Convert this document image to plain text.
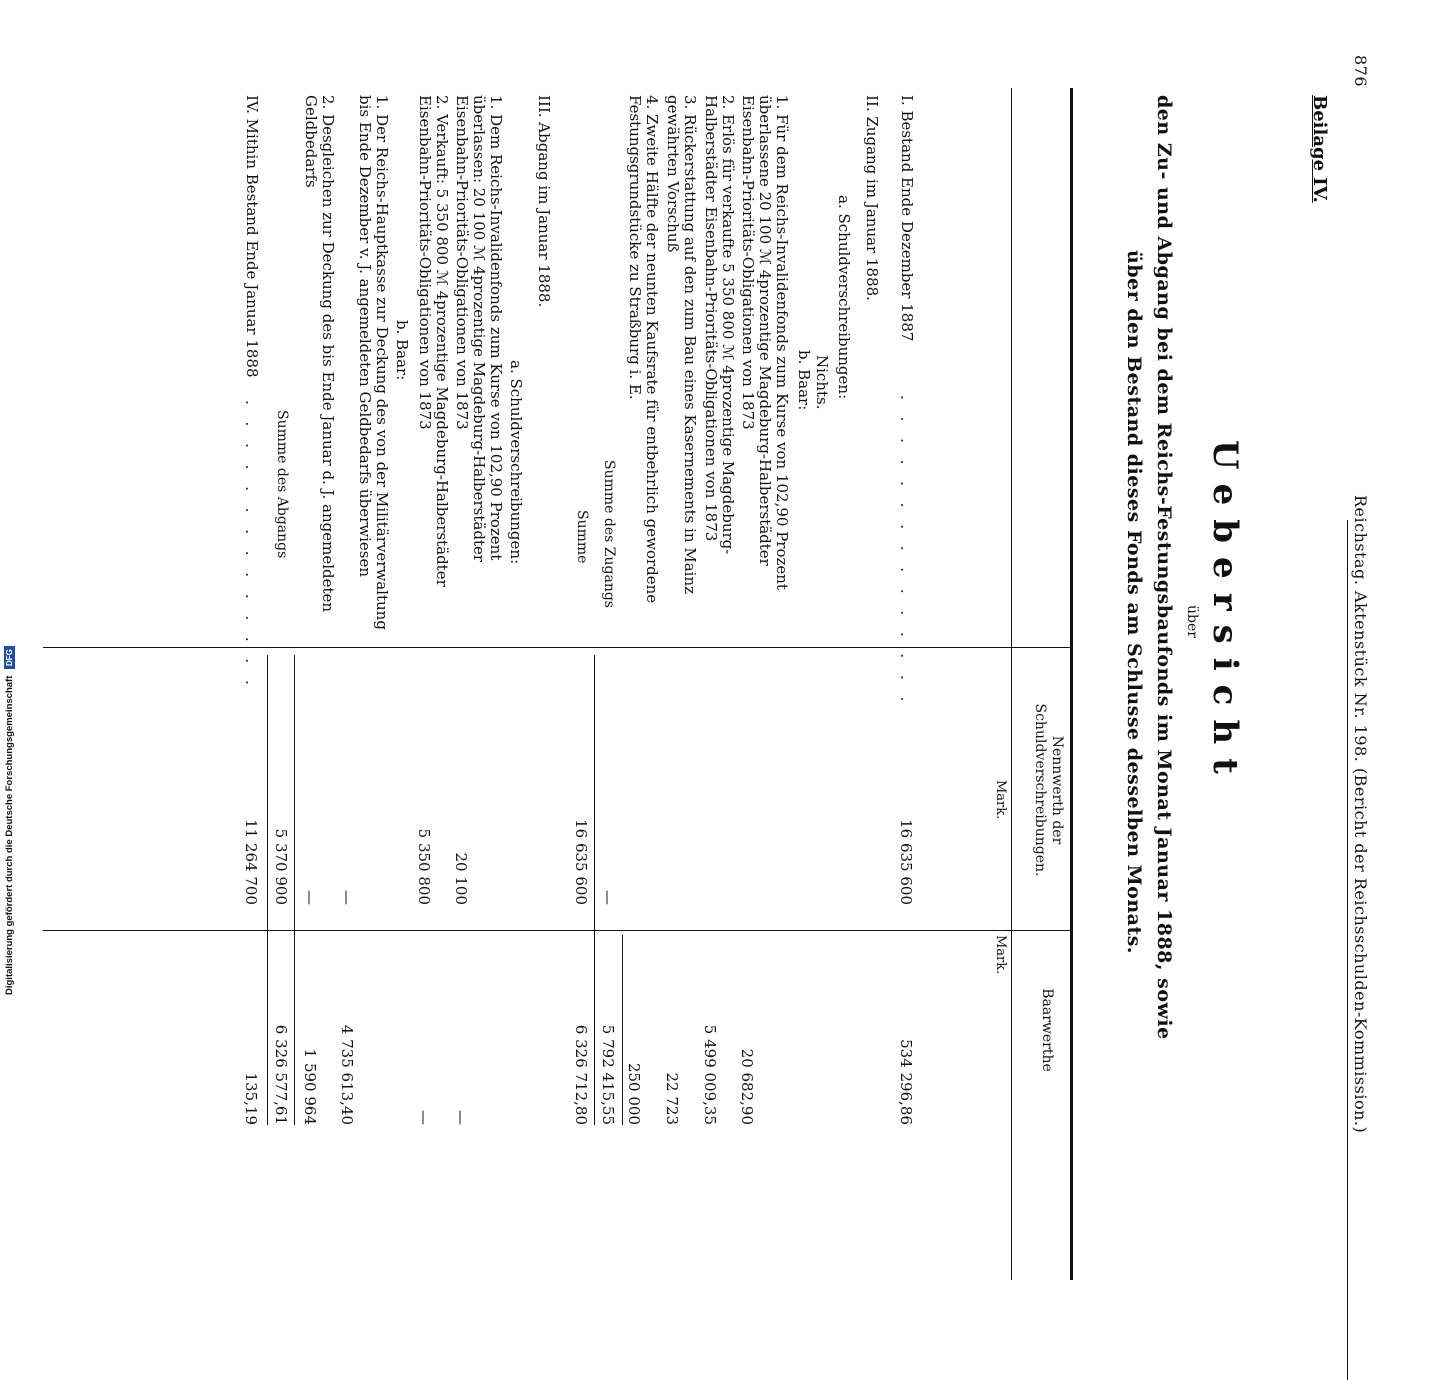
876
Reichstag. Aktenstück Nr. 198. (Bericht der Reichsschulden-Kommission.)
Beilage IV.
Uebersicht
über
den Zu- und Abgang bei dem Reichs-Festungsbaufonds im Monat Januar 1888, sowie
über den Bestand dieses Fonds am Schlusse desselben Monats.
Nennwerth der Schuldverschreibungen.
Baarwerthe
Mark.
Mark.
I. Bestand Ende Dezember 1887
. . . . . . . . . . . . . . .
16 635 600
534 296,86
II. Zugang im Januar 1888.
a. Schuldverschreibungen:
Nichts.
b. Baar:
1. Für dem Reichs-Invalidenfonds zum Kurse von 102,90 Prozent überlassene 20 100 ℳ 4prozentige Magdeburg-Halberstädter Eisenbahn-Prioritäts-Obligationen von 1873
20 682,90
2. Erlös für verkaufte 5 350 800 ℳ 4prozentige Magdeburg-Halberstädter Eisenbahn-Prioritäts-Obligationen von 1873
5 499 009,35
3. Rückerstattung auf den zum Bau eines Kasernements in Mainz gewährten Vorschuß
22 723
4. Zweite Hälfte der neunten Kaufsrate für entbehrlich gewordene Festungsgrundstücke zu Straßburg i. E.
250 000
Summe des Zugangs
—
5 792 415,55
Summe
16 635 600
6 326 712,80
III. Abgang im Januar 1888.
a. Schuldverschreibungen:
1. Dem Reichs-Invalidenfonds zum Kurse von 102,90 Prozent überlassen: 20 100 ℳ 4prozentige Magdeburg-Halberstädter Eisenbahn-Prioritäts-Obligationen von 1873
20 100
—
2. Verkauft: 5 350 800 ℳ 4prozentige Magdeburg-Halberstädter Eisenbahn-Prioritäts-Obligationen von 1873
5 350 800
—
b. Baar:
1. Der Reichs-Hauptkasse zur Deckung des von der Militärverwaltung bis Ende Dezember v. J. angemeldeten Geldbedarfs überwiesen
—
4 735 613,40
2. Desgleichen zur Deckung des bis Ende Januar d. J. angemeldeten Geldbedarfs
—
1 590 964
Summe des Abgangs
5 370 900
6 326 577,61
IV. Mithin Bestand Ende Januar 1888
. . . . . . . . . . . . . .
11 264 700
135,19
Digitalisierung gefördert durch die Deutsche Forschungsgemeinschaft DFG
